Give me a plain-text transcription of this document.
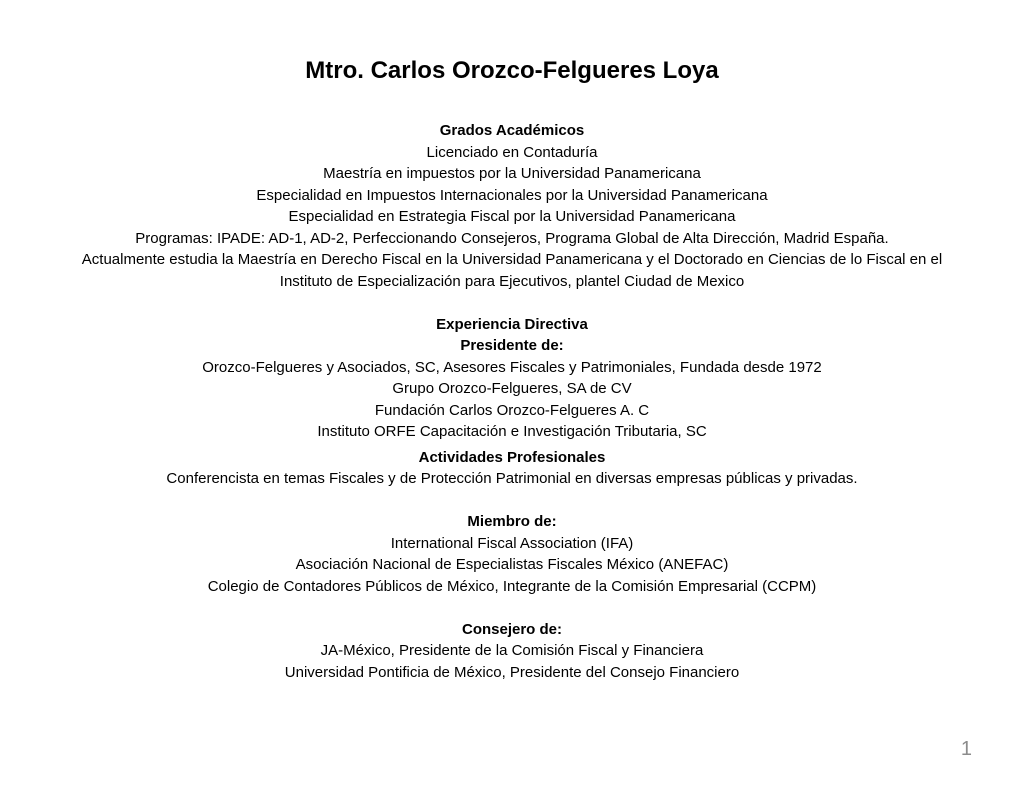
Mtro. Carlos Orozco-Felgueres Loya
Grados Académicos
Licenciado en Contaduría
Maestría en impuestos por la Universidad Panamericana
Especialidad en Impuestos Internacionales por la Universidad Panamericana
Especialidad en Estrategia Fiscal por la Universidad Panamericana
Programas: IPADE: AD-1, AD-2, Perfeccionando Consejeros, Programa Global de Alta Dirección, Madrid España.
Actualmente estudia la Maestría en Derecho Fiscal en la Universidad Panamericana y el Doctorado en Ciencias de lo Fiscal en el
Instituto de Especialización para Ejecutivos, plantel Ciudad de Mexico
Experiencia Directiva
Presidente de:
Orozco-Felgueres y Asociados, SC, Asesores Fiscales y Patrimoniales, Fundada desde 1972
Grupo Orozco-Felgueres, SA de CV
Fundación Carlos Orozco-Felgueres A. C
Instituto ORFE Capacitación e Investigación Tributaria, SC
Actividades Profesionales
Conferencista en temas Fiscales y de Protección Patrimonial en diversas empresas públicas y privadas.
Miembro de:
International Fiscal Association (IFA)
Asociación Nacional de Especialistas Fiscales México (ANEFAC)
Colegio de Contadores Públicos de México, Integrante de la Comisión Empresarial (CCPM)
Consejero de:
JA-México, Presidente de la Comisión Fiscal y Financiera
Universidad Pontificia de México, Presidente del Consejo Financiero
1
